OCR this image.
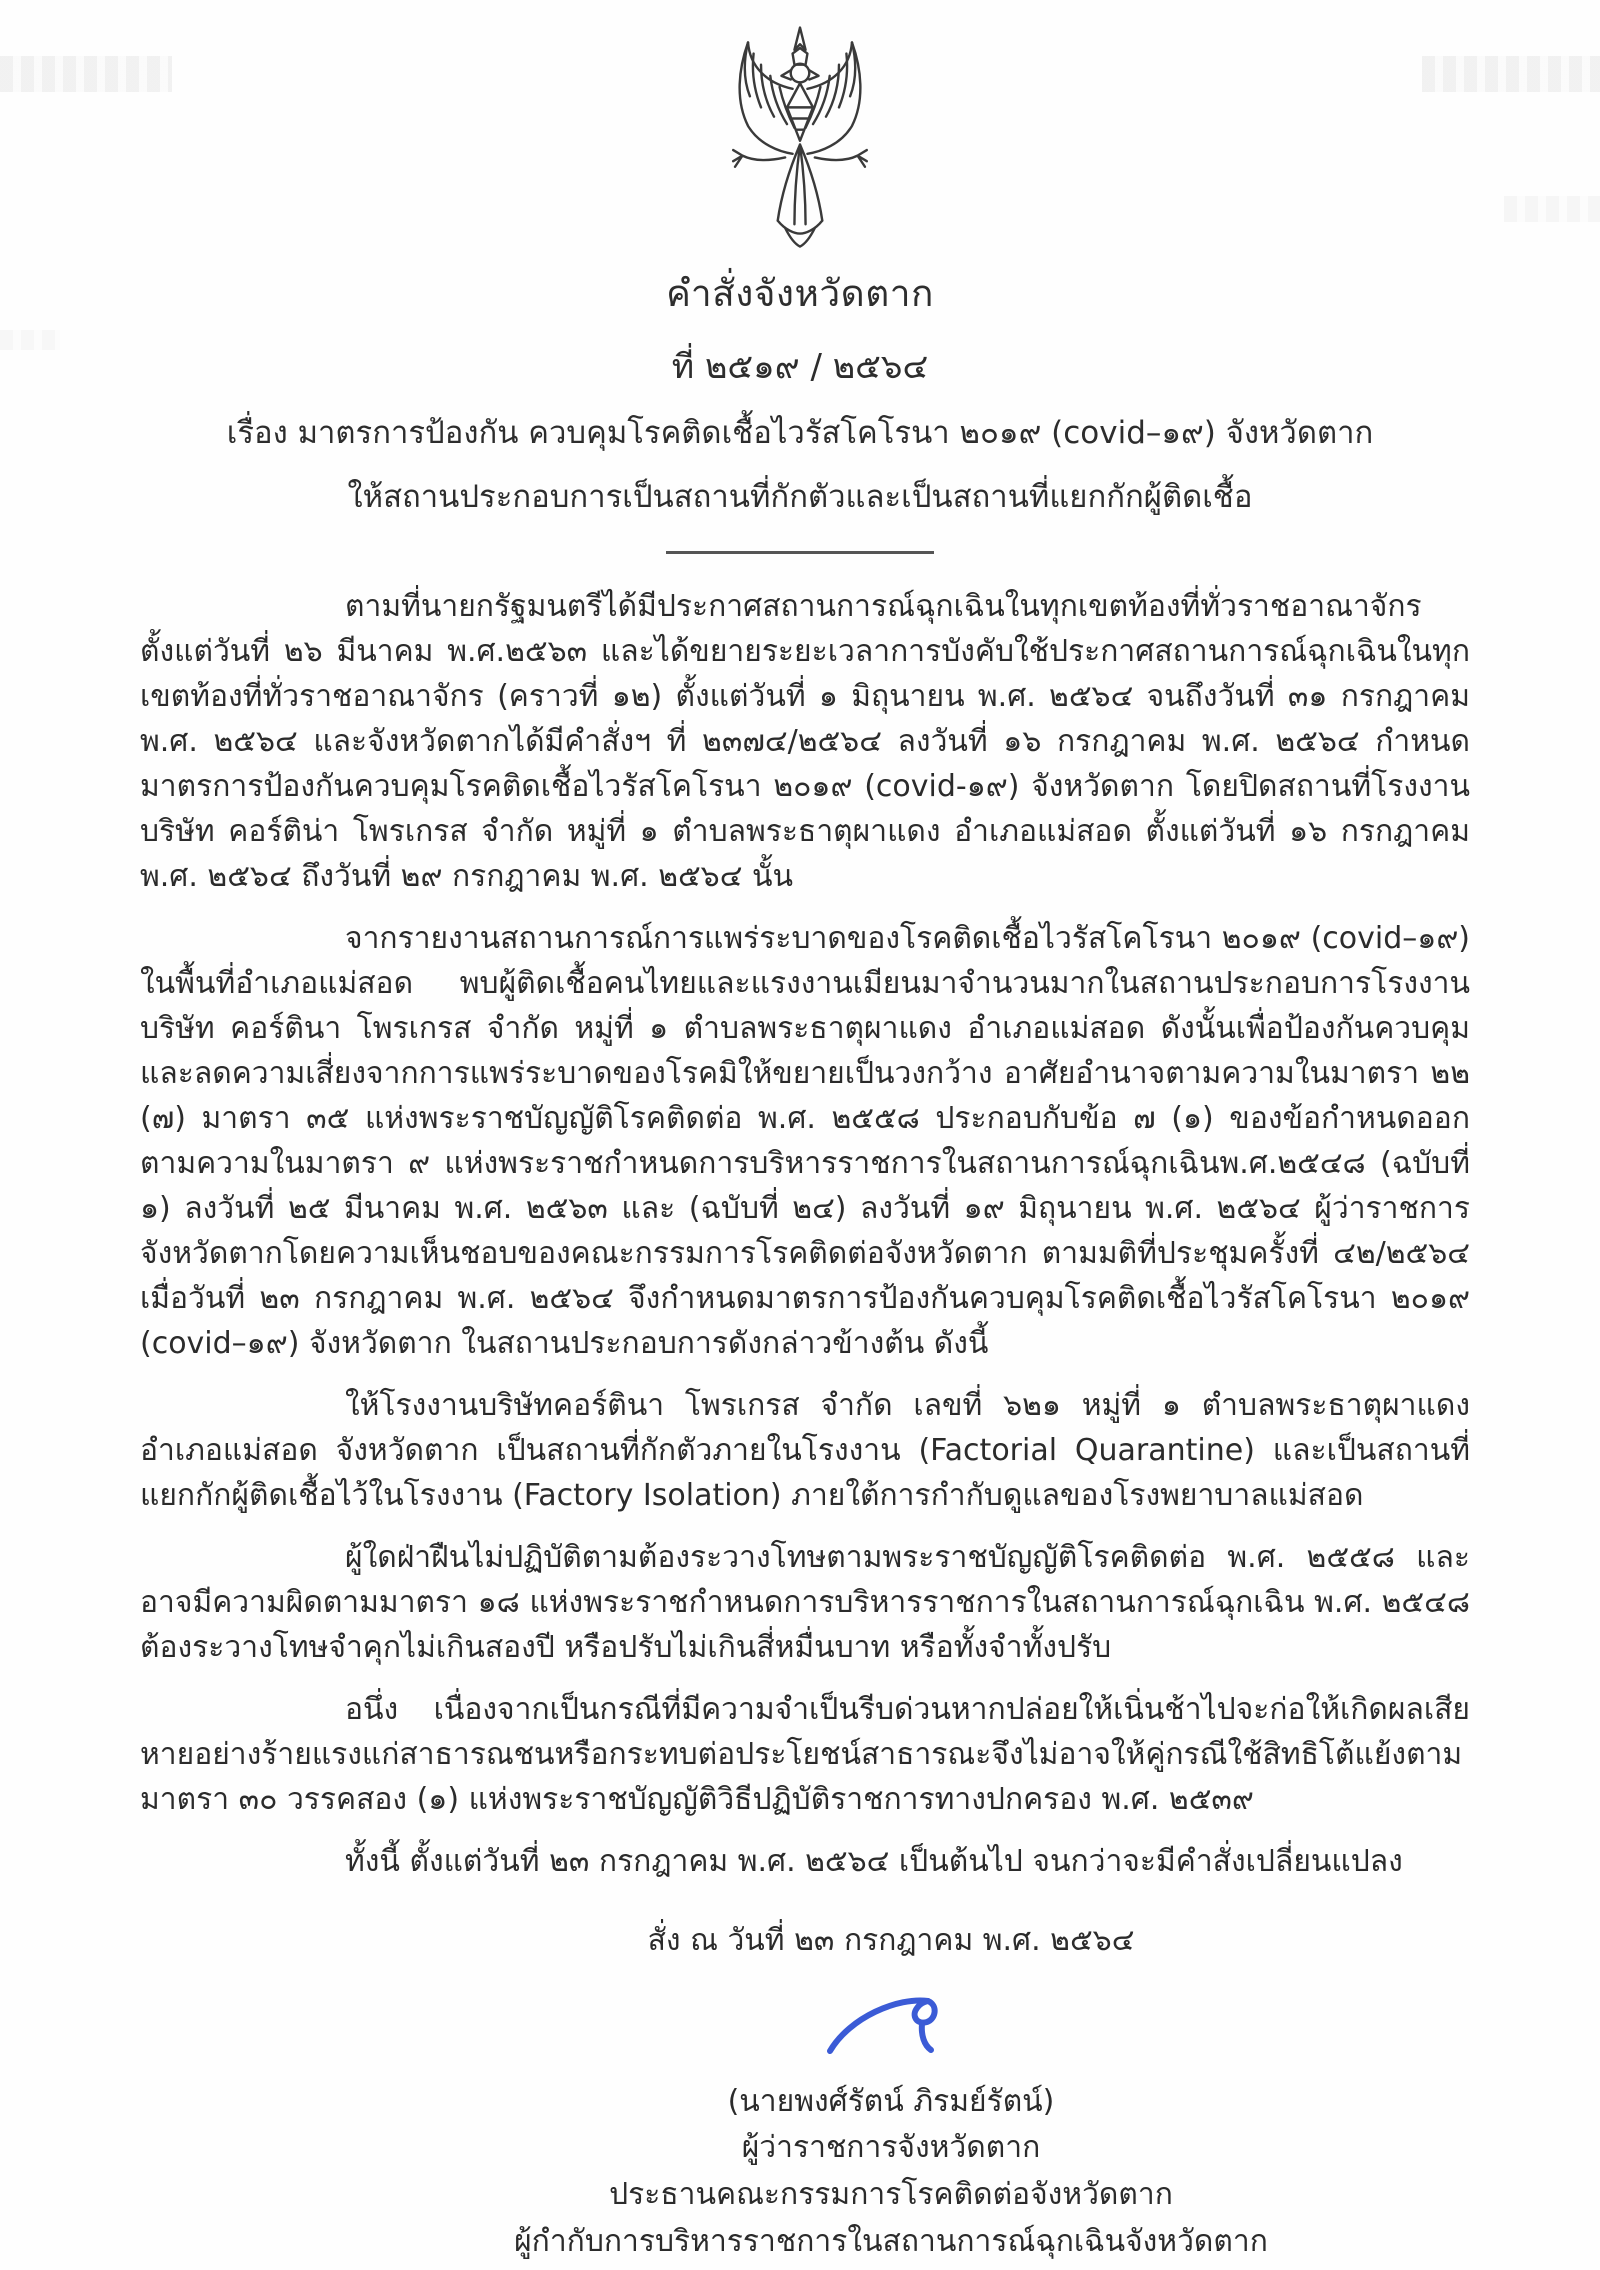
คำสั่งจังหวัดตาก
ที่ ๒๕๑๙ / ๒๕๖๔
เรื่อง มาตรการป้องกัน ควบคุมโรคติดเชื้อไวรัสโคโรนา ๒๐๑๙ (covid–๑๙) จังหวัดตาก
ให้สถานประกอบการเป็นสถานที่กักตัวและเป็นสถานที่แยกกักผู้ติดเชื้อ

ตามที่นายกรัฐมนตรีได้มีประกาศสถานการณ์ฉุกเฉินในทุกเขตท้องที่ทั่วราชอาณาจักรตั้งแต่วันที่ ๒๖ มีนาคม พ.ศ.๒๕๖๓ และได้ขยายระยะเวลาการบังคับใช้ประกาศสถานการณ์ฉุกเฉินในทุกเขตท้องที่ทั่วราชอาณาจักร (คราวที่ ๑๒) ตั้งแต่วันที่ ๑ มิถุนายน พ.ศ. ๒๕๖๔ จนถึงวันที่ ๓๑ กรกฎาคม พ.ศ. ๒๕๖๔ และจังหวัดตากได้มีคำสั่งฯ ที่ ๒๓๗๔/๒๕๖๔ ลงวันที่ ๑๖ กรกฎาคม พ.ศ. ๒๕๖๔ กำหนดมาตรการป้องกันควบคุมโรคติดเชื้อไวรัสโคโรนา ๒๐๑๙ (covid-๑๙) จังหวัดตาก โดยปิดสถานที่โรงงานบริษัท คอร์ติน่า โพรเกรส จำกัด หมู่ที่ ๑ ตำบลพระธาตุผาแดง อำเภอแม่สอด ตั้งแต่วันที่ ๑๖ กรกฎาคม พ.ศ. ๒๕๖๔ ถึงวันที่ ๒๙ กรกฎาคม พ.ศ. ๒๕๖๔ นั้น

จากรายงานสถานการณ์การแพร่ระบาดของโรคติดเชื้อไวรัสโคโรนา ๒๐๑๙ (covid–๑๙) ในพื้นที่อำเภอแม่สอด พบผู้ติดเชื้อคนไทยและแรงงานเมียนมาจำนวนมากในสถานประกอบการโรงงานบริษัท คอร์ตินา โพรเกรส จำกัด หมู่ที่ ๑ ตำบลพระธาตุผาแดง อำเภอแม่สอด ดังนั้นเพื่อป้องกันควบคุมและลดความเสี่ยงจากการแพร่ระบาดของโรคมิให้ขยายเป็นวงกว้าง อาศัยอำนาจตามความในมาตรา ๒๒ (๗) มาตรา ๓๕ แห่งพระราชบัญญัติโรคติดต่อ พ.ศ. ๒๕๕๘ ประกอบกับข้อ ๗ (๑) ของข้อกำหนดออกตามความในมาตรา ๙ แห่งพระราชกำหนดการบริหารราชการในสถานการณ์ฉุกเฉินพ.ศ.๒๕๔๘ (ฉบับที่ ๑) ลงวันที่ ๒๕ มีนาคม พ.ศ. ๒๕๖๓ และ (ฉบับที่ ๒๔) ลงวันที่ ๑๙ มิถุนายน พ.ศ. ๒๕๖๔ ผู้ว่าราชการจังหวัดตากโดยความเห็นชอบของคณะกรรมการโรคติดต่อจังหวัดตาก ตามมติที่ประชุมครั้งที่ ๔๒/๒๕๖๔ เมื่อวันที่ ๒๓ กรกฎาคม พ.ศ. ๒๕๖๔ จึงกำหนดมาตรการป้องกันควบคุมโรคติดเชื้อไวรัสโคโรนา ๒๐๑๙ (covid–๑๙) จังหวัดตาก ในสถานประกอบการดังกล่าวข้างต้น ดังนี้

ให้โรงงานบริษัทคอร์ตินา โพรเกรส จำกัด เลขที่ ๖๒๑ หมู่ที่ ๑ ตำบลพระธาตุผาแดง อำเภอแม่สอด จังหวัดตาก เป็นสถานที่กักตัวภายในโรงงาน (Factorial Quarantine) และเป็นสถานที่แยกกักผู้ติดเชื้อไว้ในโรงงาน (Factory Isolation) ภายใต้การกำกับดูแลของโรงพยาบาลแม่สอด

ผู้ใดฝ่าฝืนไม่ปฏิบัติตามต้องระวางโทษตามพระราชบัญญัติโรคติดต่อ พ.ศ. ๒๕๕๘ และอาจมีความผิดตามมาตรา ๑๘ แห่งพระราชกำหนดการบริหารราชการในสถานการณ์ฉุกเฉิน พ.ศ. ๒๕๔๘ ต้องระวางโทษจำคุกไม่เกินสองปี หรือปรับไม่เกินสี่หมื่นบาท หรือทั้งจำทั้งปรับ

อนึ่ง เนื่องจากเป็นกรณีที่มีความจำเป็นรีบด่วนหากปล่อยให้เนิ่นช้าไปจะก่อให้เกิดผลเสียหายอย่างร้ายแรงแก่สาธารณชนหรือกระทบต่อประโยชน์สาธารณะจึงไม่อาจให้คู่กรณีใช้สิทธิโต้แย้งตามมาตรา ๓๐ วรรคสอง (๑) แห่งพระราชบัญญัติวิธีปฏิบัติราชการทางปกครอง พ.ศ. ๒๕๓๙

ทั้งนี้ ตั้งแต่วันที่ ๒๓ กรกฎาคม พ.ศ. ๒๕๖๔ เป็นต้นไป จนกว่าจะมีคำสั่งเปลี่ยนแปลง
สั่ง ณ วันที่ ๒๓ กรกฎาคม พ.ศ. ๒๕๖๔
(นายพงศ์รัตน์ ภิรมย์รัตน์)
ผู้ว่าราชการจังหวัดตาก
ประธานคณะกรรมการโรคติดต่อจังหวัดตาก
ผู้กำกับการบริหารราชการในสถานการณ์ฉุกเฉินจังหวัดตาก
